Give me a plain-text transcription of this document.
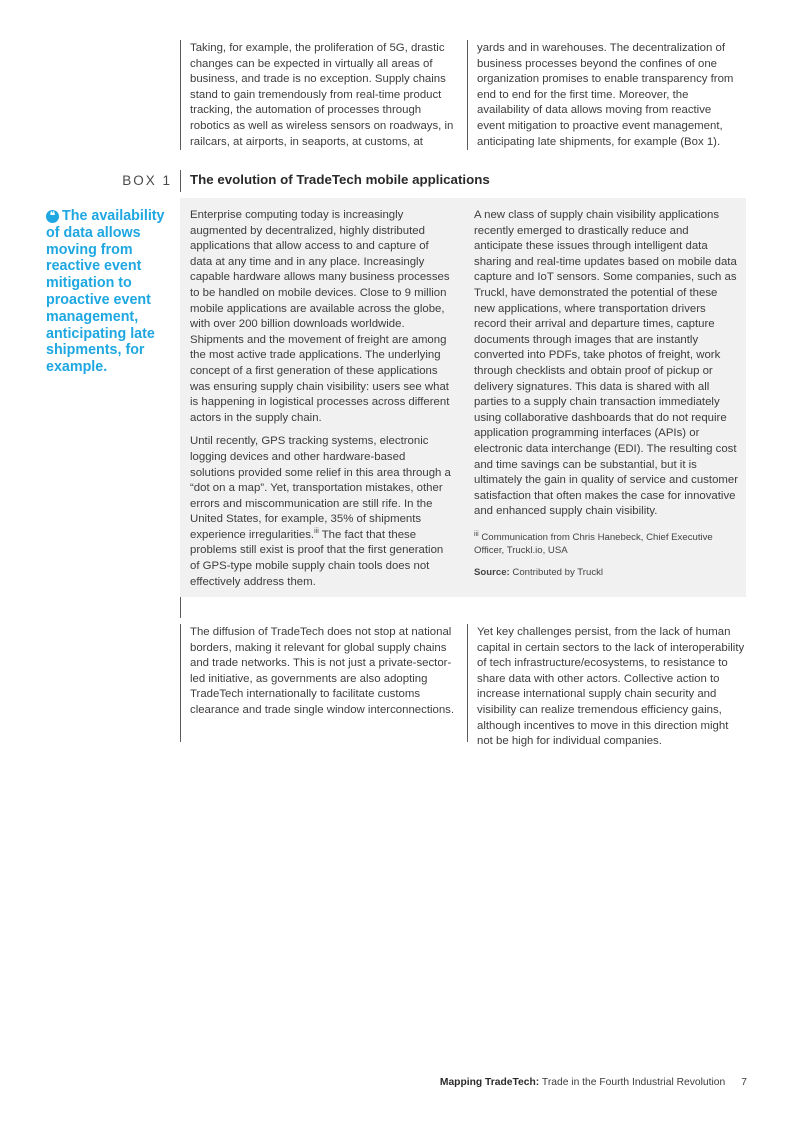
Taking, for example, the proliferation of 5G, drastic changes can be expected in virtually all areas of business, and trade is no exception. Supply chains stand to gain tremendously from real-time product tracking, the automation of processes through robotics as well as wireless sensors on roadways, in railcars, at airports, in seaports, at customs, at

yards and in warehouses. The decentralization of business processes beyond the confines of one organization promises to enable transparency from end to end for the first time. Moreover, the availability of data allows moving from reactive event mitigation to proactive event management, anticipating late shipments, for example (Box 1).

BOX 1 The evolution of TradeTech mobile applications
❝ The availability of data allows moving from reactive event mitigation to proactive event management, anticipating late shipments, for example.

Enterprise computing today is increasingly augmented by decentralized, highly distributed applications that allow access to and capture of data at any time and in any place. Increasingly capable hardware allows many business processes to be handled on mobile devices. Close to 9 million mobile applications are available across the globe, with over 200 billion downloads worldwide. Shipments and the movement of freight are among the most active trade applications. The underlying concept of a first generation of these applications was ensuring supply chain visibility: users see what is happening in logistical processes across different actors in the supply chain.

Until recently, GPS tracking systems, electronic logging devices and other hardware-based solutions provided some relief in this area through a “dot on a map”. Yet, transportation mistakes, other errors and miscommunication are still rife. In the United States, for example, 35% of shipments experience irregularities.$^{iii}$ The fact that these problems still exist is proof that the first generation of GPS-type mobile supply chain tools does not effectively address them.

A new class of supply chain visibility applications recently emerged to drastically reduce and anticipate these issues through intelligent data sharing and real-time updates based on mobile data capture and IoT sensors. Some companies, such as Truckl, have demonstrated the potential of these new applications, where transportation drivers record their arrival and departure times, capture documents through images that are instantly converted into PDFs, take photos of freight, work through checklists and obtain proof of pickup or delivery signatures. This data is shared with all parties to a supply chain transaction immediately using collaborative dashboards that do not require application programming interfaces (APIs) or electronic data interchange (EDI). The resulting cost and time savings can be substantial, but it is ultimately the gain in quality of service and customer satisfaction that often makes the case for innovative and enhanced supply chain visibility.

$^{iii}$ Communication from Chris Hanebeck, Chief Executive Officer, Truckl.io, USA

Source: Contributed by Truckl

The diffusion of TradeTech does not stop at national borders, making it relevant for global supply chains and trade networks. This is not just a private-sector-led initiative, as governments are also adopting TradeTech internationally to facilitate customs clearance and trade single window interconnections.

Yet key challenges persist, from the lack of human capital in certain sectors to the lack of interoperability of tech infrastructure/ecosystems, to resistance to share data with other actors. Collective action to increase international supply chain security and visibility can realize tremendous efficiency gains, although incentives to move in this direction might not be high for individual companies.

Mapping TradeTech: Trade in the Fourth Industrial Revolution 7
